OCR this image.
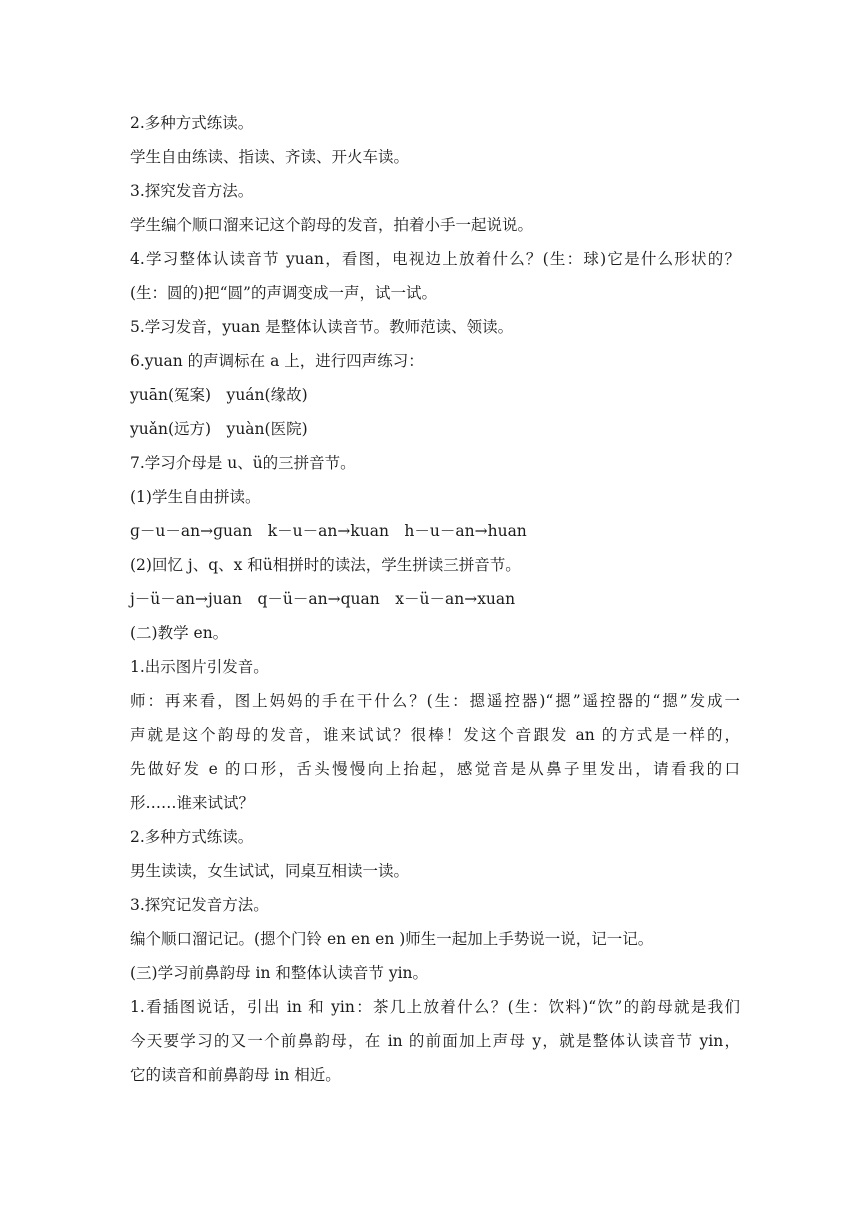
2.多种方式练读。
学生自由练读、指读、齐读、开火车读。
3.探究发音方法。
学生编个顺口溜来记这个韵母的发音，拍着小手一起说说。
4.学习整体认读音节 yuan，看图，电视边上放着什么？(生：球)它是什么形状的？
(生：圆的)把“圆”的声调变成一声，试一试。
5.学习发音，yuan 是整体认读音节。教师范读、领读。
6.yuan 的声调标在 a 上，进行四声练习：
yuān(冤案)　yuán(缘故)
yuǎn(远方)　yuàn(医院)
7.学习介母是 u、ü的三拼音节。
(1)学生自由拼读。
ɡ－u－an→ɡuan　k－u－an→kuan　h－u－an→huan
(2)回忆 j、q、x 和ü相拼时的读法，学生拼读三拼音节。
j－ü－an→juan　q－ü－an→quan　x－ü－an→xuan
(二)教学 en。
1.出示图片引发音。
师：再来看，图上妈妈的手在干什么？(生：摁遥控器)“摁”遥控器的“摁”发成一
声就是这个韵母的发音，谁来试试？很棒！发这个音跟发 an 的方式是一样的，
先做好发 e 的口形，舌头慢慢向上抬起，感觉音是从鼻子里发出，请看我的口
形……谁来试试？
2.多种方式练读。
男生读读，女生试试，同桌互相读一读。
3.探究记发音方法。
编个顺口溜记记。(摁个门铃 en en en )师生一起加上手势说一说，记一记。
(三)学习前鼻韵母 in 和整体认读音节 yin。
1.看插图说话，引出 in 和 yin：茶几上放着什么？(生：饮料)“饮”的韵母就是我们
今天要学习的又一个前鼻韵母，在 in 的前面加上声母 y，就是整体认读音节 yin，
它的读音和前鼻韵母 in 相近。
